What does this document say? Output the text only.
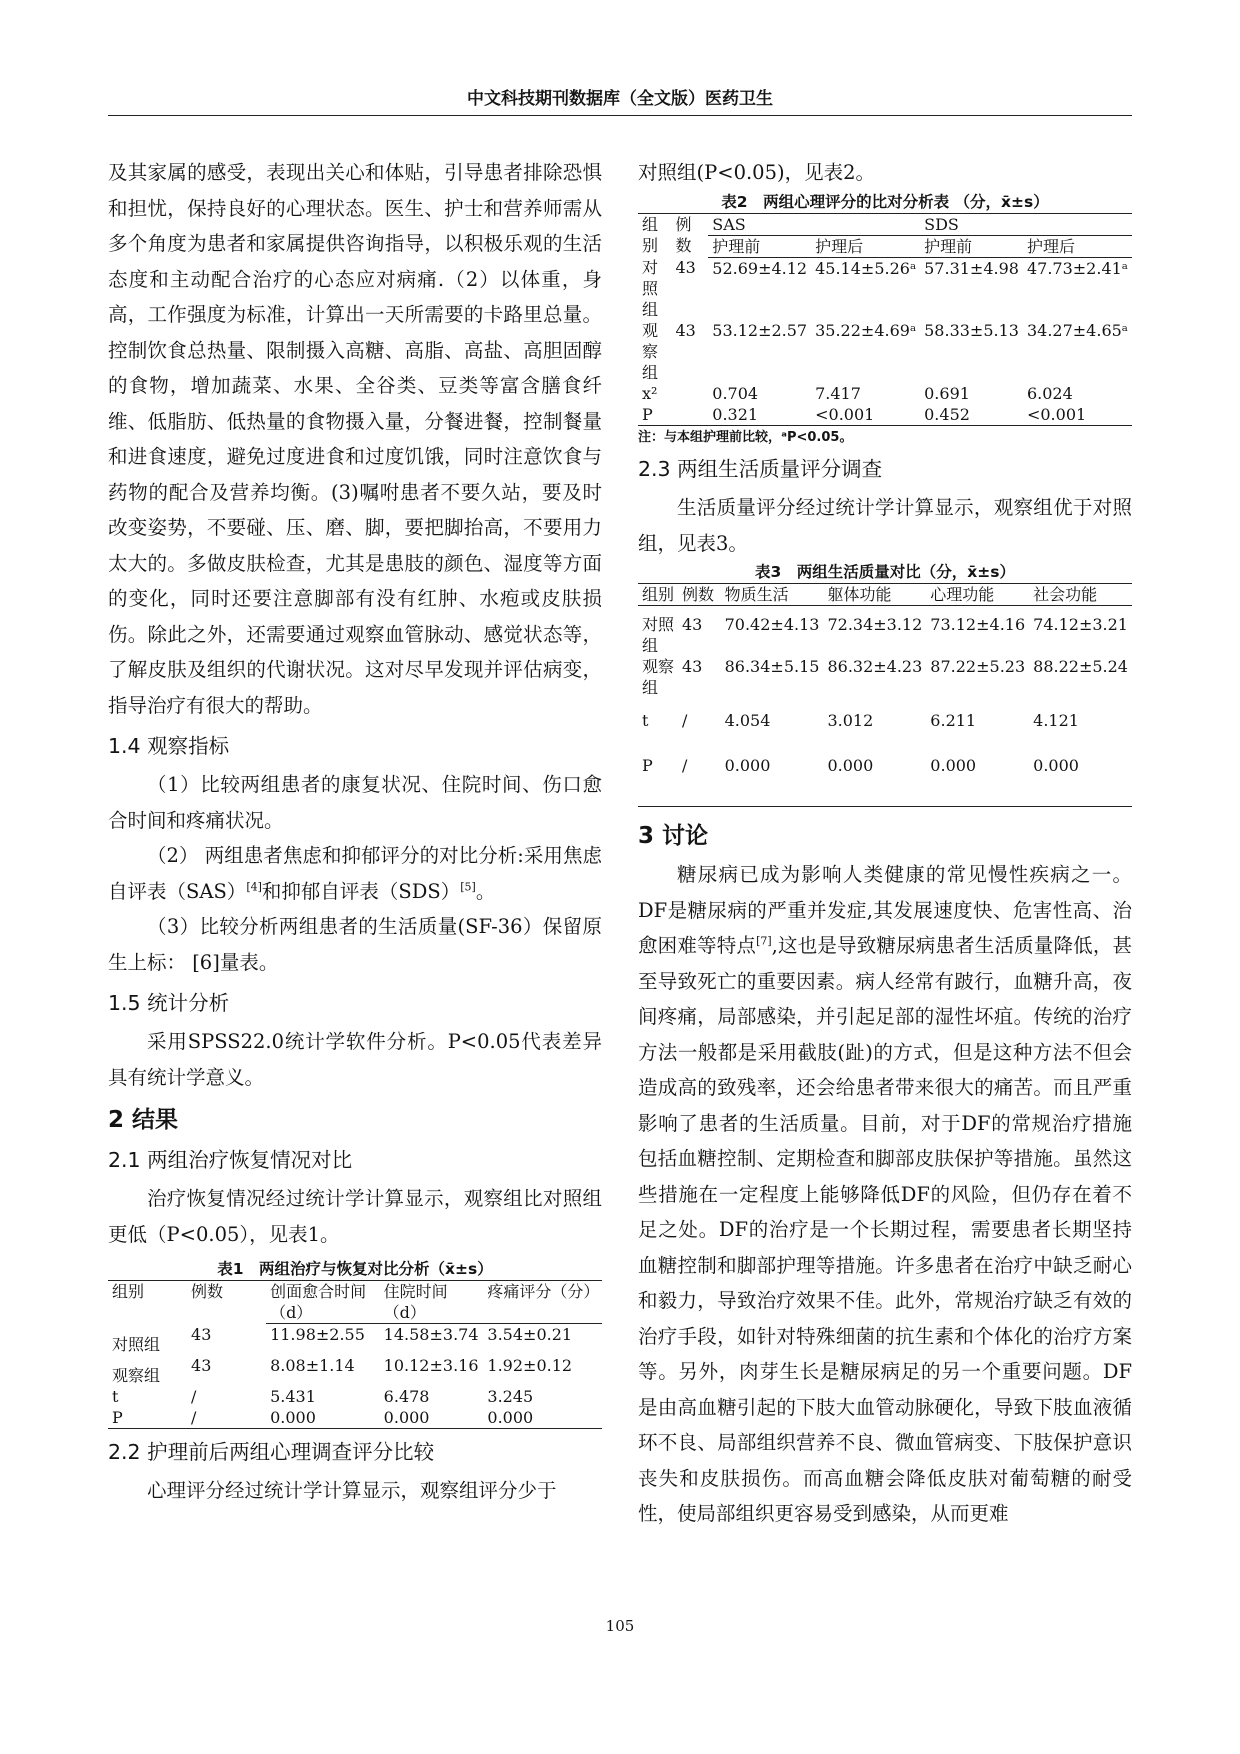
中文科技期刊数据库（全文版）医药卫生

及其家属的感受，表现出关心和体贴，引导患者排除恐惧和担忧，保持良好的心理状态。医生、护士和营养师需从多个角度为患者和家属提供咨询指导，以积极乐观的生活态度和主动配合治疗的心态应对病痛.（2）以体重，身高，工作强度为标准，计算出一天所需要的卡路里总量。控制饮食总热量、限制摄入高糖、高脂、高盐、高胆固醇的食物，增加蔬菜、水果、全谷类、豆类等富含膳食纤维、低脂肪、低热量的食物摄入量，分餐进餐，控制餐量和进食速度，避免过度进食和过度饥饿，同时注意饮食与药物的配合及营养均衡。(3)嘱咐患者不要久站，要及时改变姿势，不要碰、压、磨、脚，要把脚抬高，不要用力太大的。多做皮肤检查，尤其是患肢的颜色、湿度等方面的变化，同时还要注意脚部有没有红肿、水疱或皮肤损伤。除此之外，还需要通过观察血管脉动、感觉状态等，了解皮肤及组织的代谢状况。这对尽早发现并评估病变，指导治疗有很大的帮助。

1.4 观察指标

（1）比较两组患者的康复状况、住院时间、伤口愈合时间和疼痛状况。

（2） 两组患者焦虑和抑郁评分的对比分析:采用焦虑自评表（SAS）[4]和抑郁自评表（SDS）[5]。

（3）比较分析两组患者的生活质量(SF-36）保留原生上标： [6]量表。

1.5 统计分析

采用SPSS22.0统计学软件分析。P<0.05代表差异具有统计学意义。

2 结果
2.1 两组治疗恢复情况对比

治疗恢复情况经过统计学计算显示，观察组比对照组更低（P<0.05），见表1。

表1　两组治疗与恢复对比分析（x̄±s）
组别	例数	创面愈合时间（d）	住院时间（d）	疼痛评分（分）
对照组	43	11.98±2.55	14.58±3.74	3.54±0.21
观察组	43	8.08±1.14	10.12±3.16	1.92±0.12
t	/	5.431	6.478	3.245
P	/	0.000	0.000	0.000
2.2 护理前后两组心理调查评分比较

心理评分经过统计学计算显示，观察组评分少于

对照组(P<0.05)，见表2。

表2　两组心理评分的比对分析表 （分，x̄±s）
组别	例数	SAS		SDS	
		护理前	护理后	护理前	护理后
对照组	43	52.69±4.12	45.14±5.26ᵃ	57.31±4.98	47.73±2.41ᵃ
观察组	43	53.12±2.57	35.22±4.69ᵃ	58.33±5.13	34.27±4.65ᵃ
x²		0.704	7.417	0.691	6.024
P		0.321	<0.001	0.452	<0.001
注：与本组护理前比较，ᵃP<0.05。
2.3 两组生活质量评分调查

生活质量评分经过统计学计算显示，观察组优于对照组，见表3。

表3　两组生活质量对比（分，x̄±s）
组别	例数	物质生活	躯体功能	心理功能	社会功能
对照组	43	70.42±4.13	72.34±3.12	73.12±4.16	74.12±3.21
观察组	43	86.34±5.15	86.32±4.23	87.22±5.23	88.22±5.24
t	/	4.054	3.012	6.211	4.121
P	/	0.000	0.000	0.000	0.000
3 讨论

糖尿病已成为影响人类健康的常见慢性疾病之一。DF是糖尿病的严重并发症,其发展速度快、危害性高、治愈困难等特点[7],这也是导致糖尿病患者生活质量降低，甚至导致死亡的重要因素。病人经常有跛行，血糖升高，夜间疼痛，局部感染，并引起足部的湿性坏疽。传统的治疗方法一般都是采用截肢(趾)的方式，但是这种方法不但会造成高的致残率，还会给患者带来很大的痛苦。而且严重影响了患者的生活质量。目前，对于DF的常规治疗措施包括血糖控制、定期检查和脚部皮肤保护等措施。虽然这些措施在一定程度上能够降低DF的风险，但仍存在着不足之处。DF的治疗是一个长期过程，需要患者长期坚持血糖控制和脚部护理等措施。许多患者在治疗中缺乏耐心和毅力，导致治疗效果不佳。此外，常规治疗缺乏有效的治疗手段，如针对特殊细菌的抗生素和个体化的治疗方案等。另外，肉芽生长是糖尿病足的另一个重要问题。DF是由高血糖引起的下肢大血管动脉硬化，导致下肢血液循环不良、局部组织营养不良、微血管病变、下肢保护意识丧失和皮肤损伤。而高血糖会降低皮肤对葡萄糖的耐受性，使局部组织更容易受到感染，从而更难

105
